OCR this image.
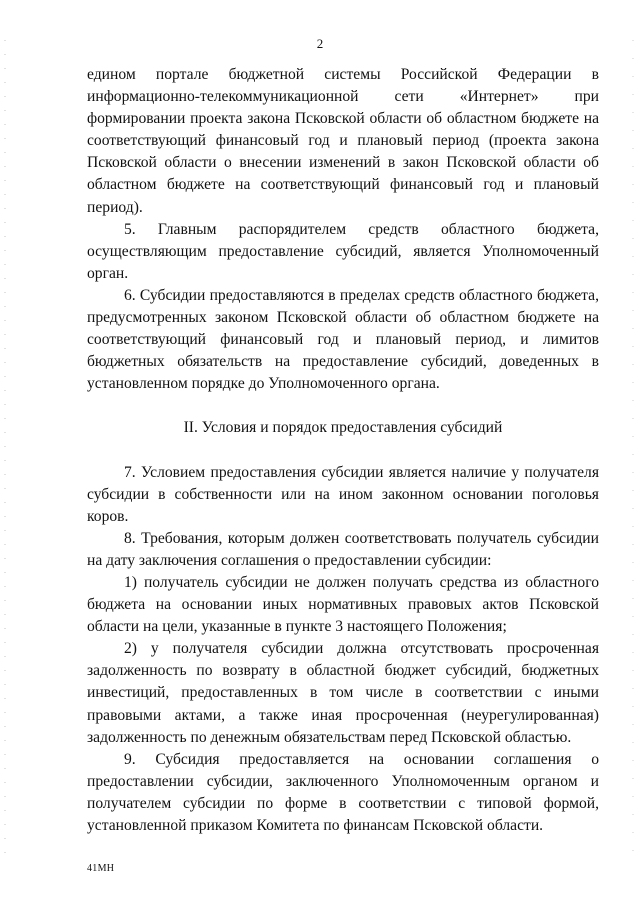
2

едином портале бюджетной системы Российской Федерации в информационно-телекоммуникационной сети «Интернет» при формировании проекта закона Псковской области об областном бюджете на соответствующий финансовый год и плановый период (проекта закона Псковской области о внесении изменений в закон Псковской области об областном бюджете на соответствующий финансовый год и плановый период).

5. Главным распорядителем средств областного бюджета, осуществляющим предоставление субсидий, является Уполномоченный орган.

6. Субсидии предоставляются в пределах средств областного бюджета, предусмотренных законом Псковской области об областном бюджете на соответствующий финансовый год и плановый период, и лимитов бюджетных обязательств на предоставление субсидий, доведенных в установленном порядке до Уполномоченного органа.

II. Условия и порядок предоставления субсидий

7. Условием предоставления субсидии является наличие у получателя субсидии в собственности или на ином законном основании поголовья коров.

8. Требования, которым должен соответствовать получатель субсидии на дату заключения соглашения о предоставлении субсидии:

1) получатель субсидии не должен получать средства из областного бюджета на основании иных нормативных правовых актов Псковской области на цели, указанные в пункте 3 настоящего Положения;

2) у получателя субсидии должна отсутствовать просроченная задолженность по возврату в областной бюджет субсидий, бюджетных инвестиций, предоставленных в том числе в соответствии с иными правовыми актами, а также иная просроченная (неурегулированная) задолженность по денежным обязательствам перед Псковской областью.

9. Субсидия предоставляется на основании соглашения о предоставлении субсидии, заключенного Уполномоченным органом и получателем субсидии по форме в соответствии с типовой формой, установленной приказом Комитета по финансам Псковской области.

41МН
